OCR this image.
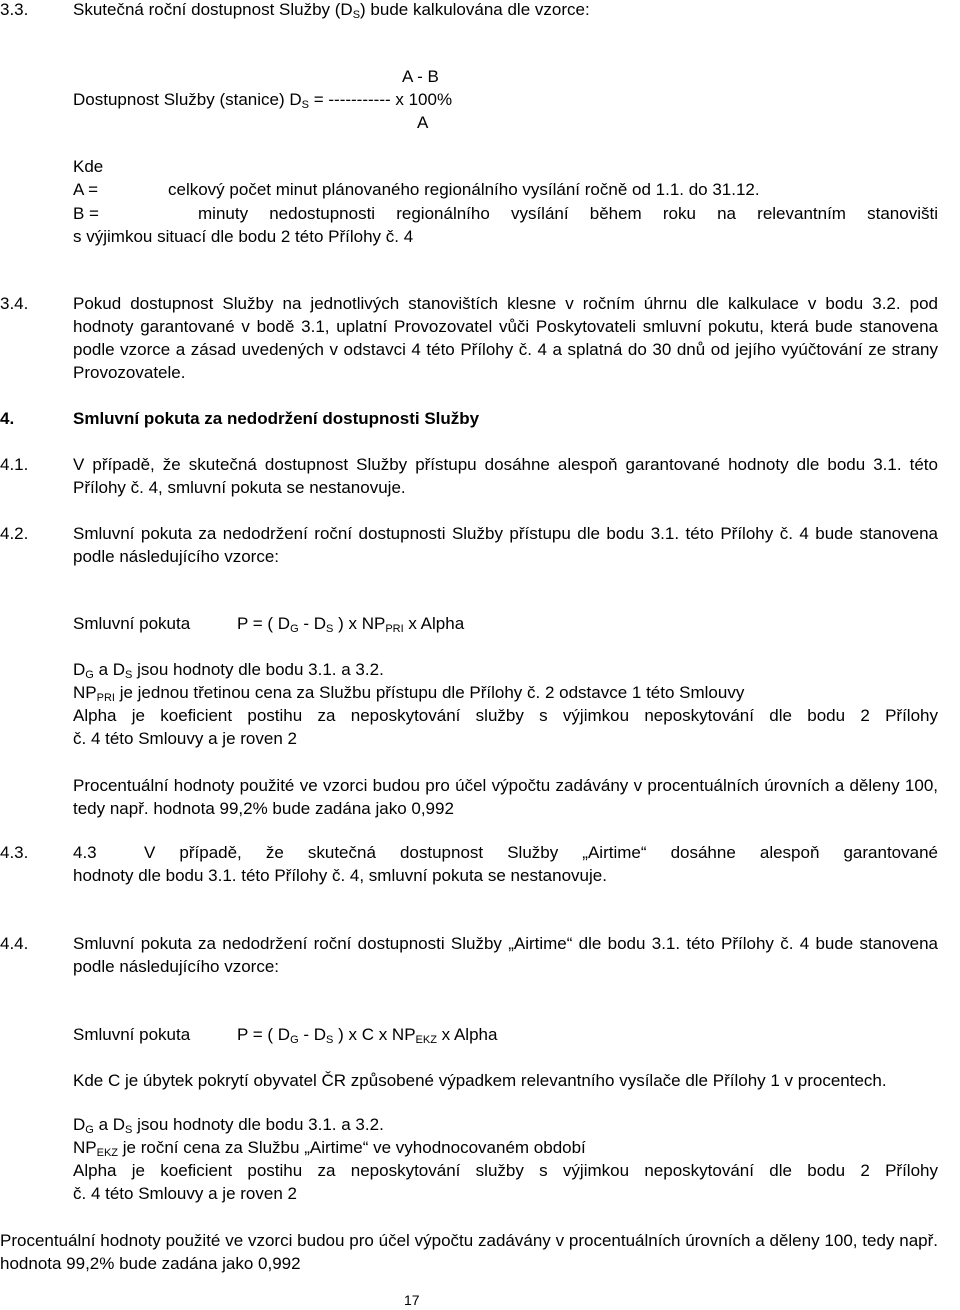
3.3.	Skutečná roční dostupnost Služby $(D_S)$ bude kalkulována dle vzorce:
A - B
Dostupnost Služby (stanice) $D_S$ = ----------- x 100%
A
Kde
A =	celkový počet minut plánovaného regionálního vysílání ročně od 1.1. do 31.12.
B =	minuty nedostupnosti regionálního vysílání během roku na relevantním stanovišti
s výjimkou situací dle bodu 2 této Přílohy č. 4
3.4.	Pokud dostupnost Služby na jednotlivých stanovištích klesne v ročním úhrnu dle kalkulace v bodu 3.2. pod hodnoty garantované v bodě 3.1, uplatní Provozovatel vůči Poskytovateli smluvní pokutu, která bude stanovena podle vzorce a zásad uvedených v odstavci 4 této Přílohy č. 4 a splatná do 30 dnů od jejího vyúčtování ze strany Provozovatele.
4.	Smluvní pokuta za nedodržení dostupnosti Služby
4.1.	V případě, že skutečná dostupnost Služby přístupu dosáhne alespoň garantované hodnoty dle bodu 3.1. této Přílohy č. 4, smluvní pokuta se nestanovuje.
4.2.	Smluvní pokuta za nedodržení roční dostupnosti Služby přístupu dle bodu 3.1. této Přílohy č. 4 bude stanovena podle následujícího vzorce:
Smluvní pokuta	P = ( $D_G - D_S$ ) x $NP_{PRI}$ x Alpha
$D_G$ a $D_S$ jsou hodnoty dle bodu 3.1. a 3.2.
$NP_{PRI}$ je jednou třetinou cena za Službu přístupu dle Přílohy č. 2 odstavce 1 této Smlouvy
Alpha je koeficient postihu za neposkytování služby s výjimkou neposkytování dle bodu 2 Přílohy
č. 4 této Smlouvy a je roven 2
Procentuální hodnoty použité ve vzorci budou pro účel výpočtu zadávány v procentuálních úrovních a děleny 100, tedy např. hodnota 99,2% bude zadána jako 0,992
4.3.	4.3	V případě, že skutečná dostupnost Služby „Airtime“ dosáhne alespoň garantované
hodnoty dle bodu 3.1. této Přílohy č. 4, smluvní pokuta se nestanovuje.
4.4.	Smluvní pokuta za nedodržení roční dostupnosti Služby „Airtime“ dle bodu 3.1. této Přílohy č. 4 bude stanovena podle následujícího vzorce:
Smluvní pokuta	P = ( $D_G - D_S$ ) x C x $NP_{EKZ}$ x Alpha
Kde C je úbytek pokrytí obyvatel ČR způsobené výpadkem relevantního vysílače dle Přílohy 1 v procentech.
$D_G$ a $D_S$ jsou hodnoty dle bodu 3.1. a 3.2.
$NP_{EKZ}$ je roční cena za Službu „Airtime“ ve vyhodnocovaném období
Alpha je koeficient postihu za neposkytování služby s výjimkou neposkytování dle bodu 2 Přílohy
č. 4 této Smlouvy a je roven 2
Procentuální hodnoty použité ve vzorci budou pro účel výpočtu zadávány v procentuálních úrovních a děleny 100, tedy např. hodnota 99,2% bude zadána jako 0,992
17
